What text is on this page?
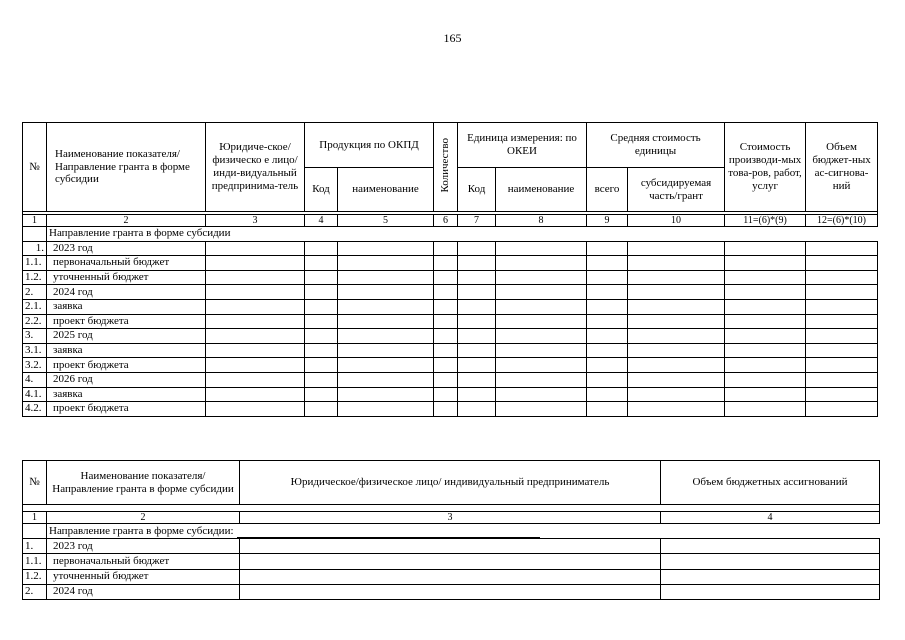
165
№	Наименование показателя/ Направление гранта в форме субсидии	Юридиче-ское/физическо е лицо/ инди-видуальный предпринима-тель	Продукция по ОКПД		Количество	Единица измерения: по ОКЕИ		Средняя стоимость единицы		Стоимость производи-мых това-ров, работ, услуг	Объем бюджет-ных ас-сигнова-ний
			Код	наименование		Код	наименование	всего	субсидируемая часть/грант		

1	2	3	4	5	6	7	8	9	10	11=(6)*(9)	12=(6)*(10)
	Направление гранта в форме субсидии										
1.	2023 год										
1.1.	первоначальный бюджет										
1.2.	уточненный бюджет										
2.	2024 год										
2.1.	заявка										
2.2.	проект бюджета										
3.	2025 год										
3.1.	заявка										
3.2.	проект бюджета										
4.	2026 год										
4.1.	заявка										
4.2.	проект бюджета										
№	Наименование показателя/ Направление гранта в форме субсидии	Юридическое/физическое лицо/ индивидуальный предприниматель	Объем бюджетных ассигнований

1	2	3	4
	Направление гранта в форме субсидии:		
1.	2023 год		
1.1.	первоначальный бюджет		
1.2.	уточненный бюджет		
2.	2024 год		
